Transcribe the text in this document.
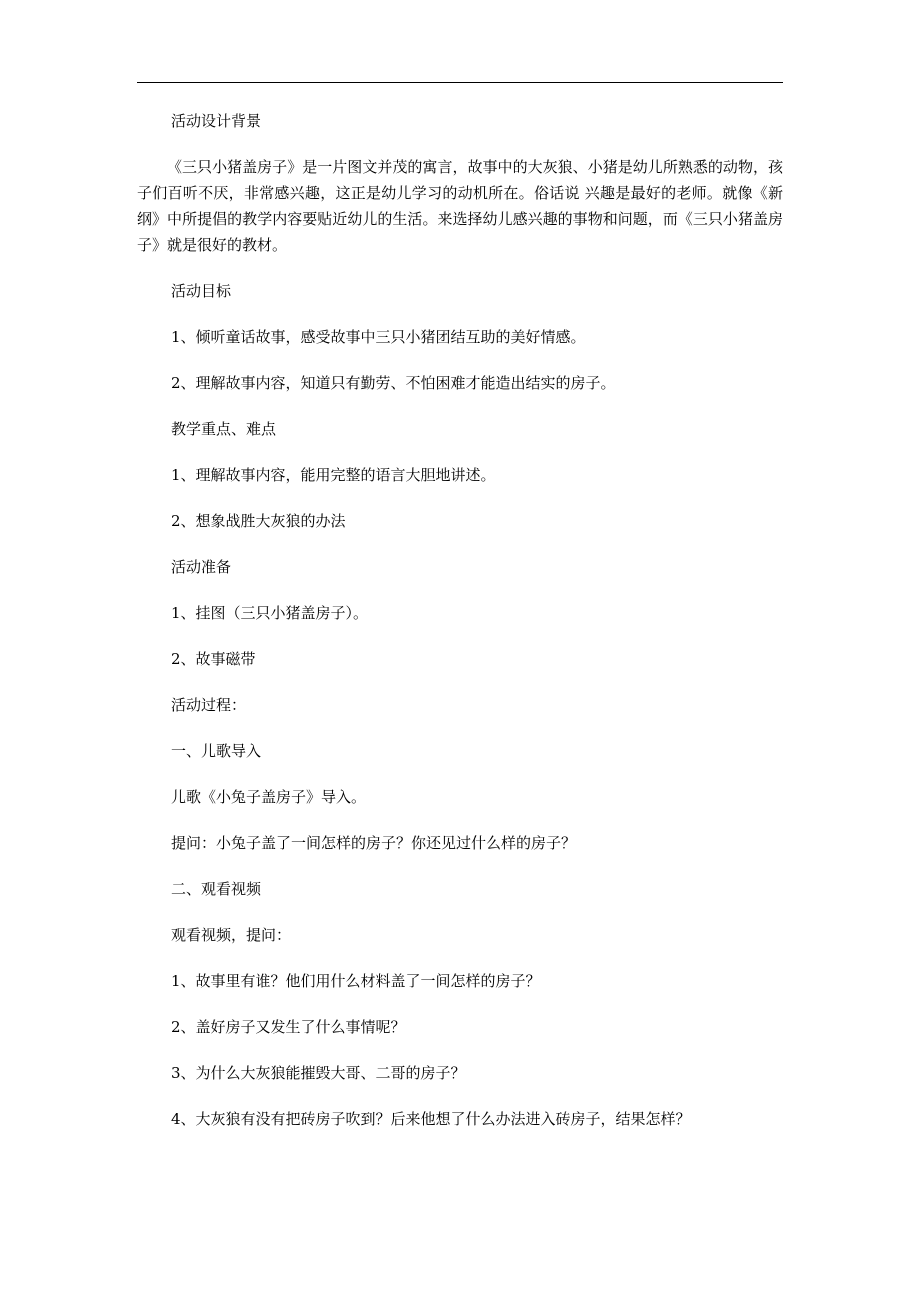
活动设计背景

《三只小猪盖房子》是一片图文并茂的寓言，故事中的大灰狼、小猪是幼儿所熟悉的动物，孩子们百听不厌，非常感兴趣，这正是幼儿学习的动机所在。俗话说 兴趣是最好的老师。就像《新纲》中所提倡的教学内容要贴近幼儿的生活。来选择幼儿感兴趣的事物和问题，而《三只小猪盖房子》就是很好的教材。

活动目标

1、倾听童话故事，感受故事中三只小猪团结互助的美好情感。

2、理解故事内容，知道只有勤劳、不怕困难才能造出结实的房子。

教学重点、难点

1、理解故事内容，能用完整的语言大胆地讲述。

2、想象战胜大灰狼的办法

活动准备

1、挂图（三只小猪盖房子）。

2、故事磁带

活动过程：

一、儿歌导入

儿歌《小兔子盖房子》导入。

提问：小兔子盖了一间怎样的房子？你还见过什么样的房子？

二、观看视频

观看视频，提问：

1、故事里有谁？他们用什么材料盖了一间怎样的房子？

2、盖好房子又发生了什么事情呢？

3、为什么大灰狼能摧毁大哥、二哥的房子？

4、大灰狼有没有把砖房子吹到？后来他想了什么办法进入砖房子，结果怎样？
